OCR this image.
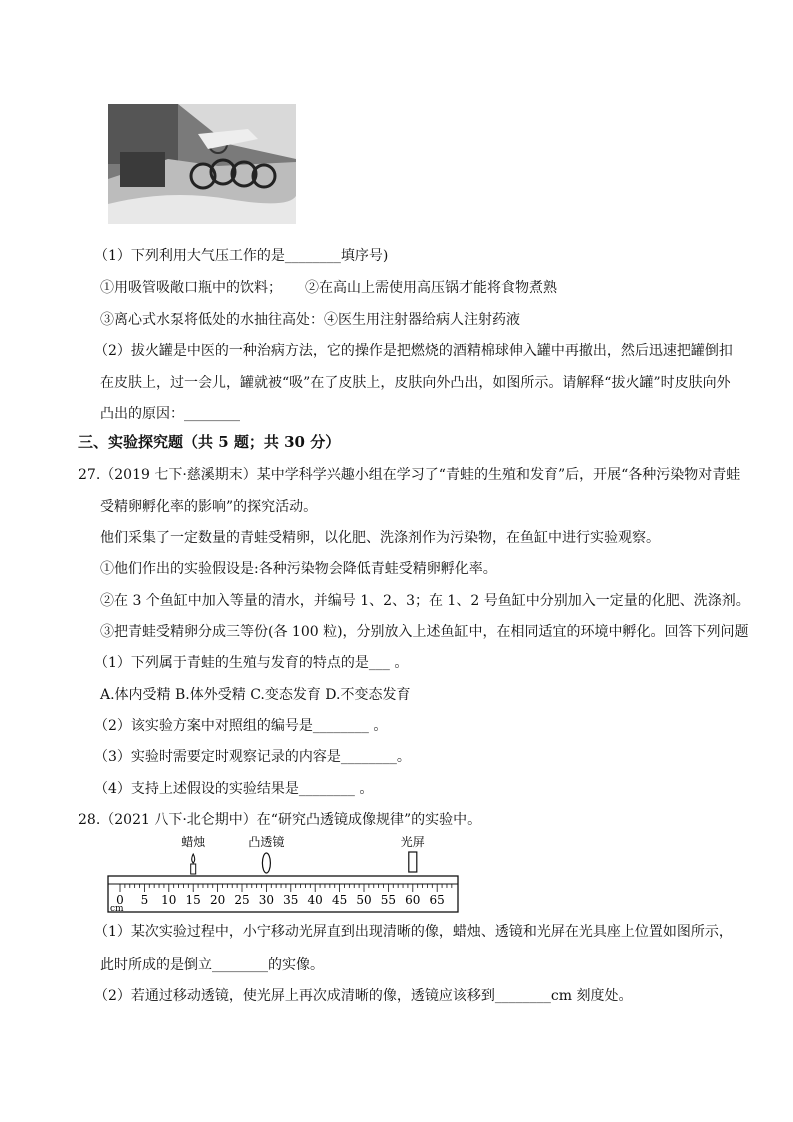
（1）下列利用大气压工作的是________填序号)
①用吸管吸敞口瓶中的饮料； ②在高山上需使用高压锅才能将食物煮熟
③离心式水泵将低处的水抽往高处：④医生用注射器给病人注射药液
（2）拔火罐是中医的一种治病方法，它的操作是把燃烧的酒精棉球伸入罐中再撤出，然后迅速把罐倒扣
在皮肤上，过一会儿，罐就被“吸”在了皮肤上，皮肤向外凸出，如图所示。请解释“拔火罐”时皮肤向外
凸出的原因：________
三、实验探究题（共 5 题；共 30 分）
27.（2019 七下·慈溪期末）某中学科学兴趣小组在学习了“青蛙的生殖和发育”后，开展“各种污染物对青蛙
受精卵孵化率的影响”的探究活动。
他们采集了一定数量的青蛙受精卵，以化肥、洗涤剂作为污染物，在鱼缸中进行实验观察。
①他们作出的实验假设是:各种污染物会降低青蛙受精卵孵化率。
②在 3 个鱼缸中加入等量的清水，并编号 1、2、3；在 1、2 号鱼缸中分别加入一定量的化肥、洗涤剂。
③把青蛙受精卵分成三等份(各 100 粒)，分别放入上述鱼缸中，在相同适宜的环境中孵化。回答下列问题
（1）下列属于青蛙的生殖与发育的特点的是___ 。
A.体内受精 B.体外受精 C.变态发育 D.不变态发育
（2）该实验方案中对照组的编号是________ 。
（3）实验时需要定时观察记录的内容是________。
（4）支持上述假设的实验结果是________ 。
28.（2021 八下·北仑期中）在“研究凸透镜成像规律”的实验中。
蜡烛	凸透镜	光屏
0 5 10 15 20 25 30 35 40 45 50 55 60 65
cm
（1）某次实验过程中，小宁移动光屏直到出现清晰的像，蜡烛、透镜和光屏在光具座上位置如图所示，
此时所成的是倒立________的实像。
（2）若通过移动透镜，使光屏上再次成清晰的像，透镜应该移到________cm 刻度处。
